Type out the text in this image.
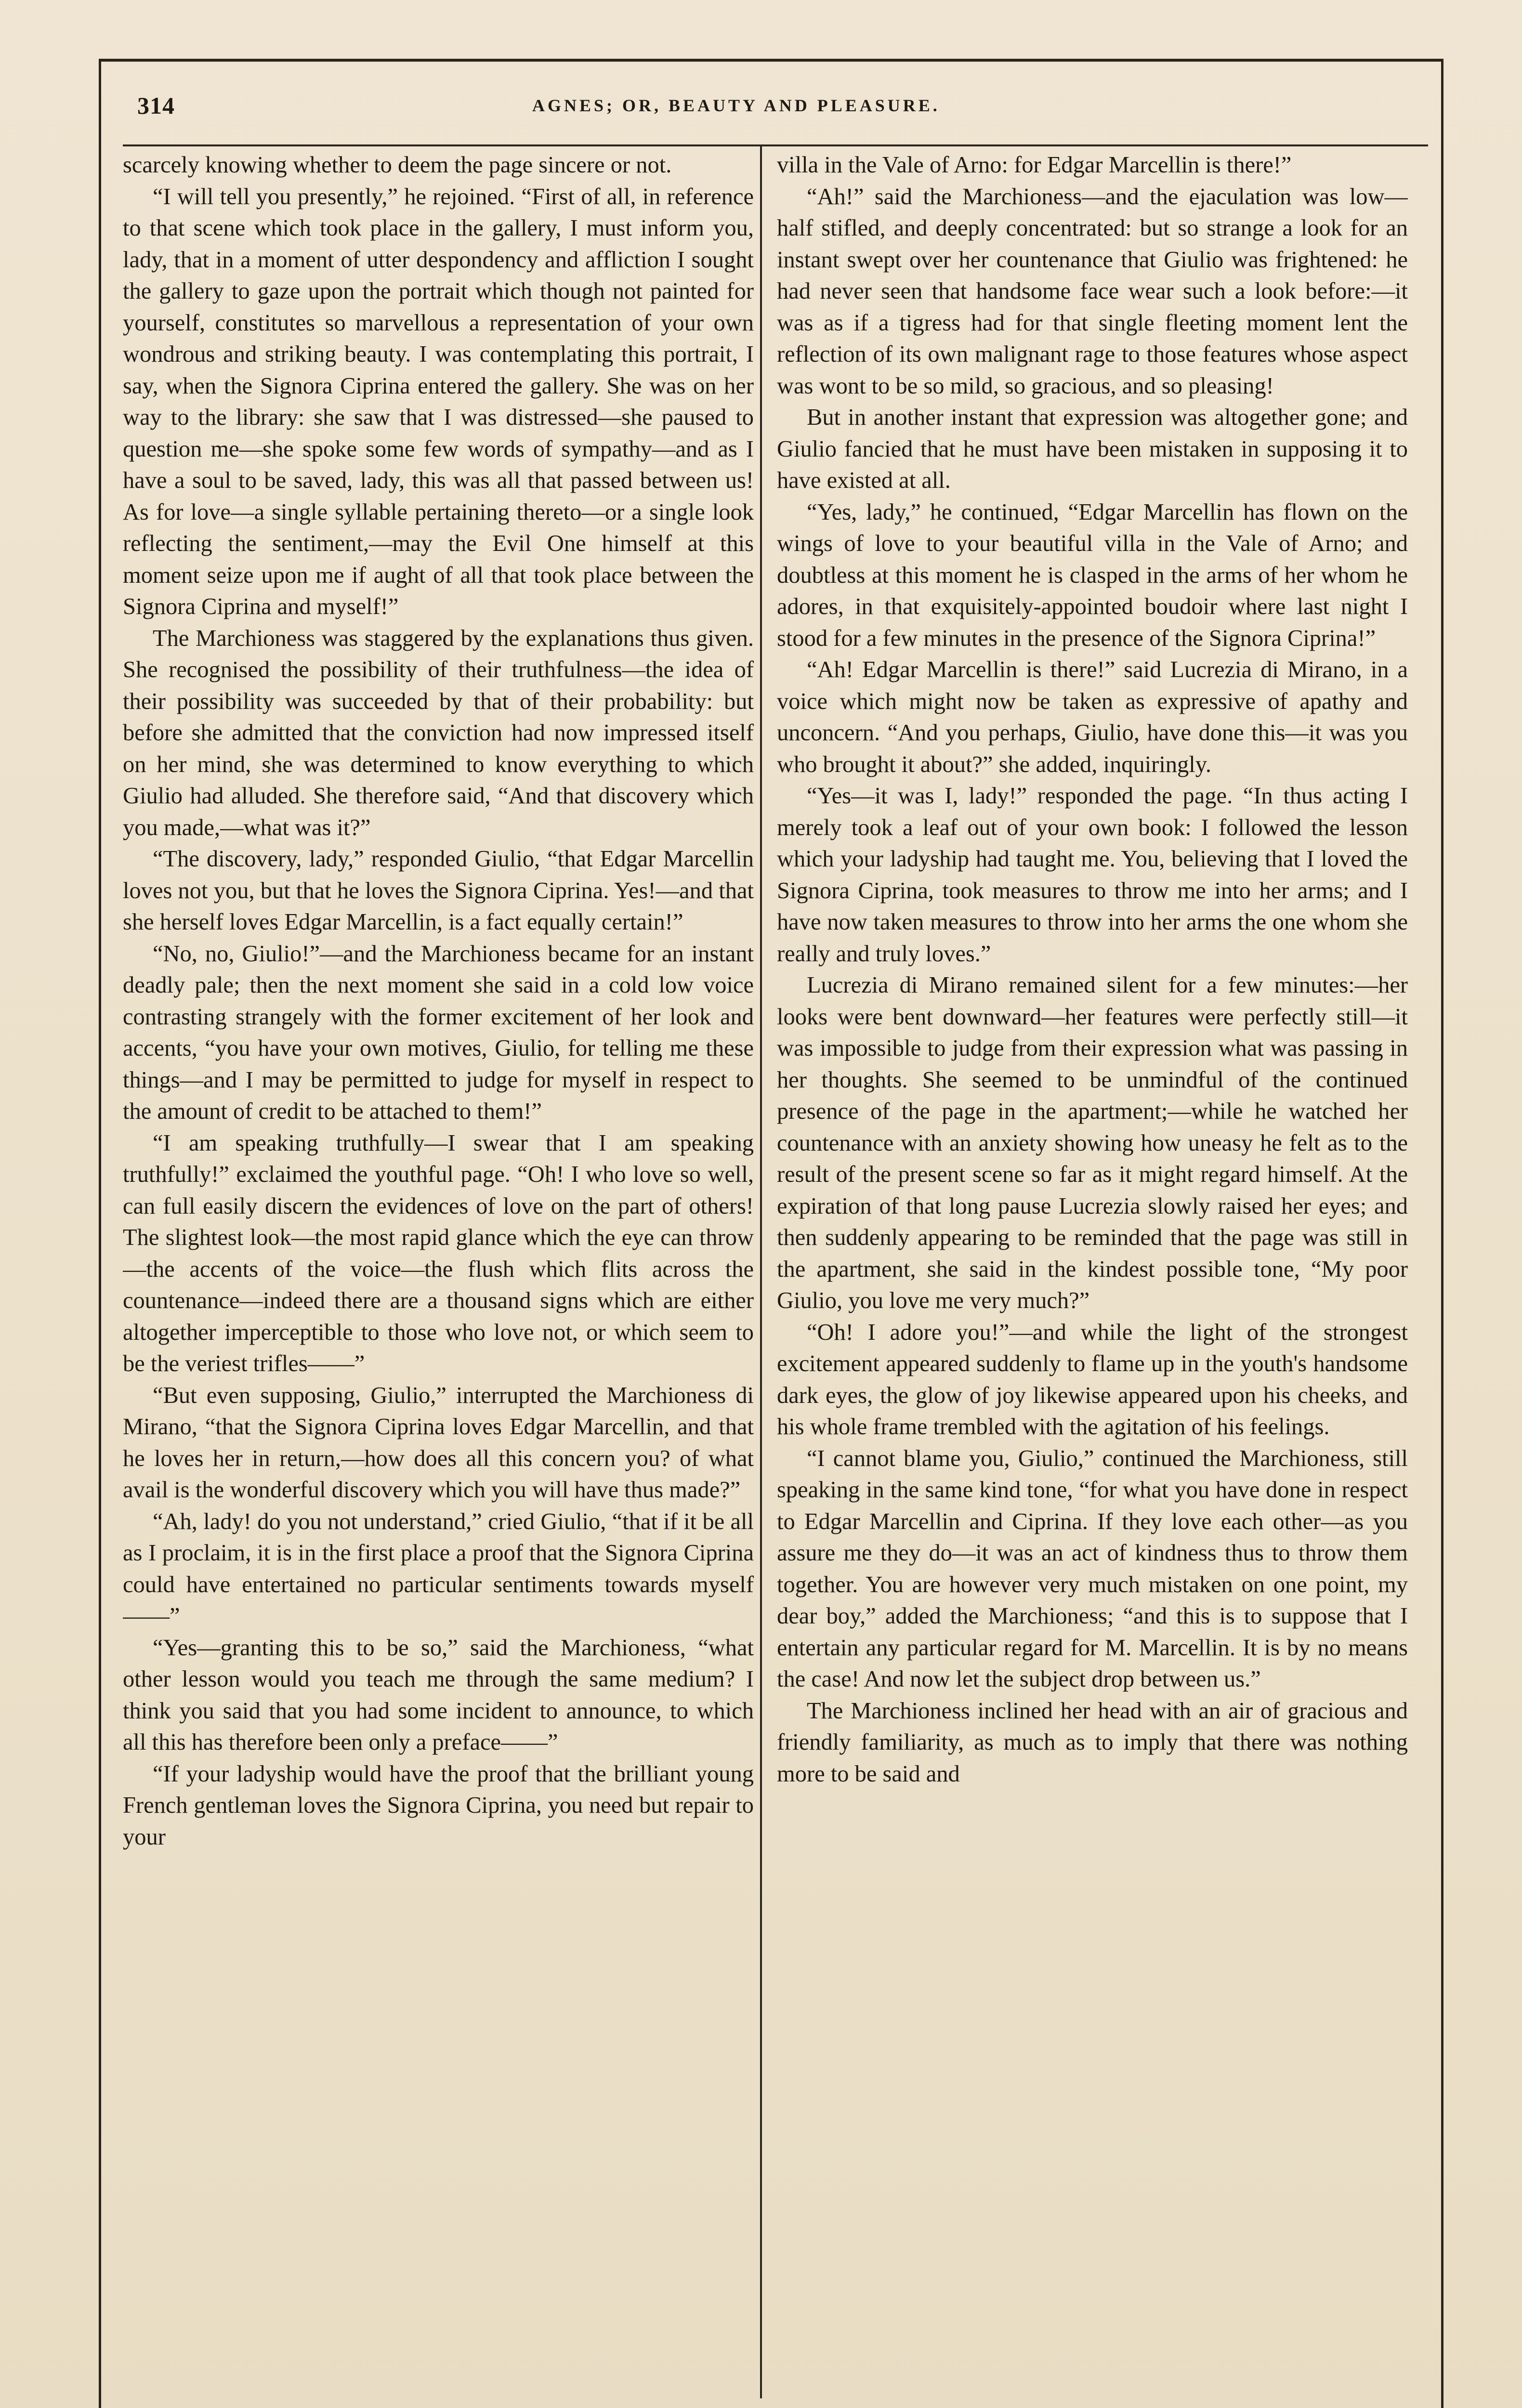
314	AGNES; OR, BEAUTY AND PLEASURE.

scarcely knowing whether to deem the page sincere or not.

“I will tell you presently,” he rejoined. “First of all, in reference to that scene which took place in the gallery, I must inform you, lady, that in a moment of utter despondency and affliction I sought the gallery to gaze upon the portrait which though not painted for yourself, constitutes so marvellous a representation of your own wondrous and striking beauty. I was contemplating this portrait, I say, when the Signora Ciprina entered the gallery. She was on her way to the library: she saw that I was distressed—she paused to question me—she spoke some few words of sympathy—and as I have a soul to be saved, lady, this was all that passed between us! As for love—a single syllable pertaining thereto—or a single look reflecting the sentiment,—may the Evil One himself at this moment seize upon me if aught of all that took place between the Signora Ciprina and myself!”

The Marchioness was staggered by the explanations thus given. She recognised the possibility of their truthfulness—the idea of their possibility was succeeded by that of their probability: but before she admitted that the conviction had now impressed itself on her mind, she was determined to know everything to which Giulio had alluded. She therefore said, “And that discovery which you made,—what was it?”

“The discovery, lady,” responded Giulio, “that Edgar Marcellin loves not you, but that he loves the Signora Ciprina. Yes!—and that she herself loves Edgar Marcellin, is a fact equally certain!”

“No, no, Giulio!”—and the Marchioness became for an instant deadly pale; then the next moment she said in a cold low voice contrasting strangely with the former excitement of her look and accents, “you have your own motives, Giulio, for telling me these things—and I may be permitted to judge for myself in respect to the amount of credit to be attached to them!”

“I am speaking truthfully—I swear that I am speaking truthfully!” exclaimed the youthful page. “Oh! I who love so well, can full easily discern the evidences of love on the part of others! The slightest look—the most rapid glance which the eye can throw—the accents of the voice—the flush which flits across the countenance—indeed there are a thousand signs which are either altogether imperceptible to those who love not, or which seem to be the veriest trifles——”

“But even supposing, Giulio,” interrupted the Marchioness di Mirano, “that the Signora Ciprina loves Edgar Marcellin, and that he loves her in return,—how does all this concern you? of what avail is the wonderful discovery which you will have thus made?”

“Ah, lady! do you not understand,” cried Giulio, “that if it be all as I proclaim, it is in the first place a proof that the Signora Ciprina could have entertained no particular sentiments towards myself——”

“Yes—granting this to be so,” said the Marchioness, “what other lesson would you teach me through the same medium? I think you said that you had some incident to announce, to which all this has therefore been only a preface——”

“If your ladyship would have the proof that the brilliant young French gentleman loves the Signora Ciprina, you need but repair to your

villa in the Vale of Arno: for Edgar Marcellin is there!”

“Ah!” said the Marchioness—and the ejaculation was low—half stifled, and deeply concentrated: but so strange a look for an instant swept over her countenance that Giulio was frightened: he had never seen that handsome face wear such a look before:—it was as if a tigress had for that single fleeting moment lent the reflection of its own malignant rage to those features whose aspect was wont to be so mild, so gracious, and so pleasing!

But in another instant that expression was altogether gone; and Giulio fancied that he must have been mistaken in supposing it to have existed at all.

“Yes, lady,” he continued, “Edgar Marcellin has flown on the wings of love to your beautiful villa in the Vale of Arno; and doubtless at this moment he is clasped in the arms of her whom he adores, in that exquisitely-appointed boudoir where last night I stood for a few minutes in the presence of the Signora Ciprina!”

“Ah! Edgar Marcellin is there!” said Lucrezia di Mirano, in a voice which might now be taken as expressive of apathy and unconcern. “And you perhaps, Giulio, have done this—it was you who brought it about?” she added, inquiringly.

“Yes—it was I, lady!” responded the page. “In thus acting I merely took a leaf out of your own book: I followed the lesson which your ladyship had taught me. You, believing that I loved the Signora Ciprina, took measures to throw me into her arms; and I have now taken measures to throw into her arms the one whom she really and truly loves.”

Lucrezia di Mirano remained silent for a few minutes:—her looks were bent downward—her features were perfectly still—it was impossible to judge from their expression what was passing in her thoughts. She seemed to be unmindful of the continued presence of the page in the apartment;—while he watched her countenance with an anxiety showing how uneasy he felt as to the result of the present scene so far as it might regard himself. At the expiration of that long pause Lucrezia slowly raised her eyes; and then suddenly appearing to be reminded that the page was still in the apartment, she said in the kindest possible tone, “My poor Giulio, you love me very much?”

“Oh! I adore you!”—and while the light of the strongest excitement appeared suddenly to flame up in the youth's handsome dark eyes, the glow of joy likewise appeared upon his cheeks, and his whole frame trembled with the agitation of his feelings.

“I cannot blame you, Giulio,” continued the Marchioness, still speaking in the same kind tone, “for what you have done in respect to Edgar Marcellin and Ciprina. If they love each other—as you assure me they do—it was an act of kindness thus to throw them together. You are however very much mistaken on one point, my dear boy,” added the Marchioness; “and this is to suppose that I entertain any particular regard for M. Marcellin. It is by no means the case! And now let the subject drop between us.”

The Marchioness inclined her head with an air of gracious and friendly familiarity, as much as to imply that there was nothing more to be said and
